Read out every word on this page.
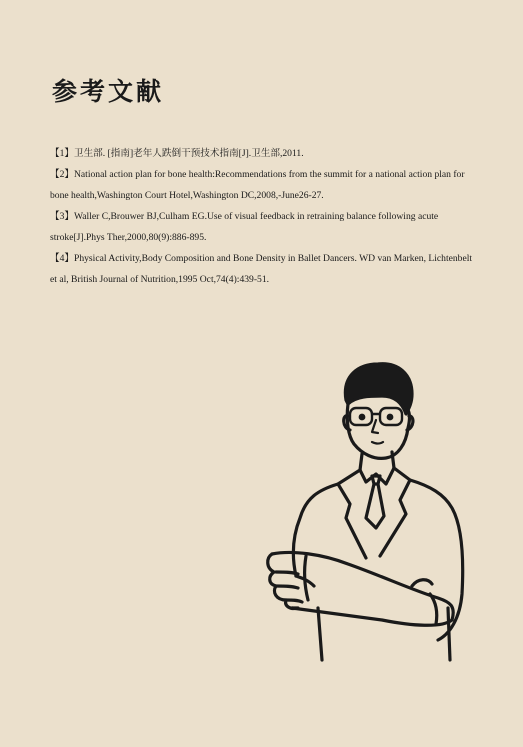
参考文献

【1】卫生部. [指南]老年人跌倒干预技术指南[J].卫生部,2011.

【2】National action plan for bone health:Recommendations from the summit for a national action plan for bone health,Washington Court Hotel,Washington DC,2008,-June26-27.

【3】Waller C,Brouwer BJ,Culham EG.Use of visual feedback in retraining balance following acute stroke[J].Phys Ther,2000,80(9):886-895.

【4】Physical Activity,Body Composition and Bone Density in Ballet Dancers. WD van Marken, Lichtenbelt et al, British Journal of Nutrition,1995 Oct,74(4):439-51.
